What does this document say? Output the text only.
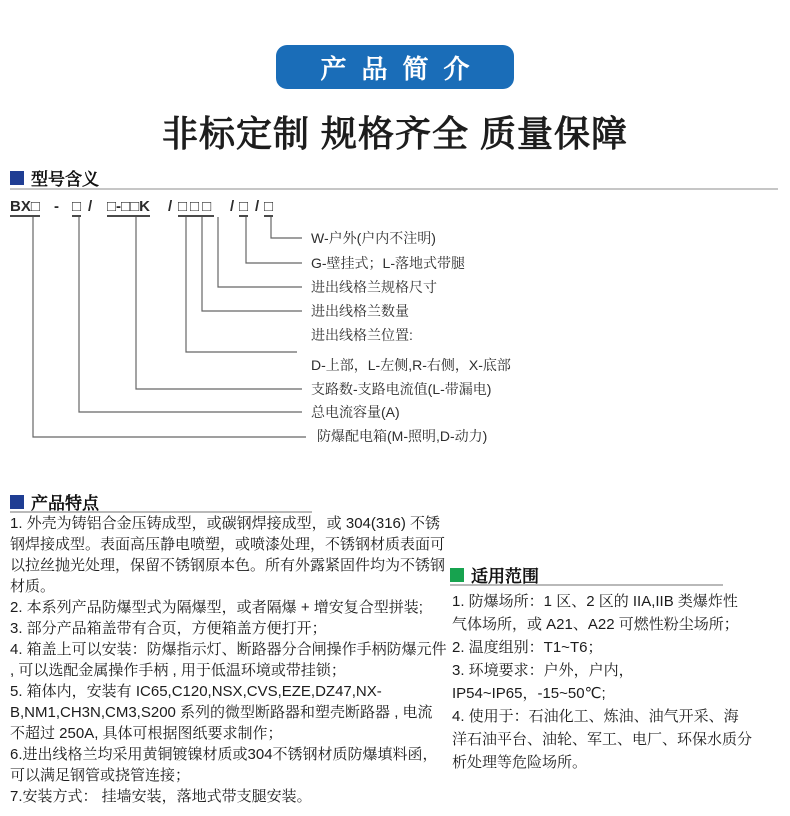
产品简介
非标定制 规格齐全 质量保障
型号含义
BX□ - □ / □-□□K / □□□ / □ / □
W-户外(户内不注明)
G-壁挂式；L-落地式带腿
进出线格兰规格尺寸
进出线格兰数量
进出线格兰位置:
D-上部，L-左侧,R-右侧，X-底部
支路数-支路电流值(L-带漏电)
总电流容量(A)
防爆配电箱(M-照明,D-动力)
产品特点

1. 外壳为铸铝合金压铸成型，或碳钢焊接成型，或 304(316) 不锈钢焊接成型。表面高压静电喷塑，或喷漆处理，不锈钢材质表面可以拉丝抛光处理，保留不锈钢原本色。所有外露紧固件均为不锈钢材质。

2. 本系列产品防爆型式为隔爆型，或者隔爆 + 增安复合型拼装;

3. 部分产品箱盖带有合页，方便箱盖方便打开；

4. 箱盖上可以安装：防爆指示灯、断路器分合闸操作手柄防爆元件 , 可以选配金属操作手柄 , 用于低温环境或带挂锁；

5. 箱体内，安装有 IC65,C120,NSX,CVS,EZE,DZ47,NX-B,NM1,CH3N,CM3,S200 系列的微型断路器和塑壳断路器 , 电流不超过 250A, 具体可根据图纸要求制作；

6.进出线格兰均采用黄铜镀镍材质或304不锈钢材质防爆填料函，可以满足钢管或挠管连接；

7.安装方式： 挂墙安装，落地式带支腿安装。

适用范围

1. 防爆场所：1 区、2 区的 IIA,IIB 类爆炸性气体场所，或 A21、A22 可燃性粉尘场所；

2. 温度组别：T1~T6；

3. 环境要求：户外，户内，IP54~IP65，-15~50℃;

4. 使用于：石油化工、炼油、油气开采、海洋石油平台、油轮、军工、电厂、环保水质分析处理等危险场所。
